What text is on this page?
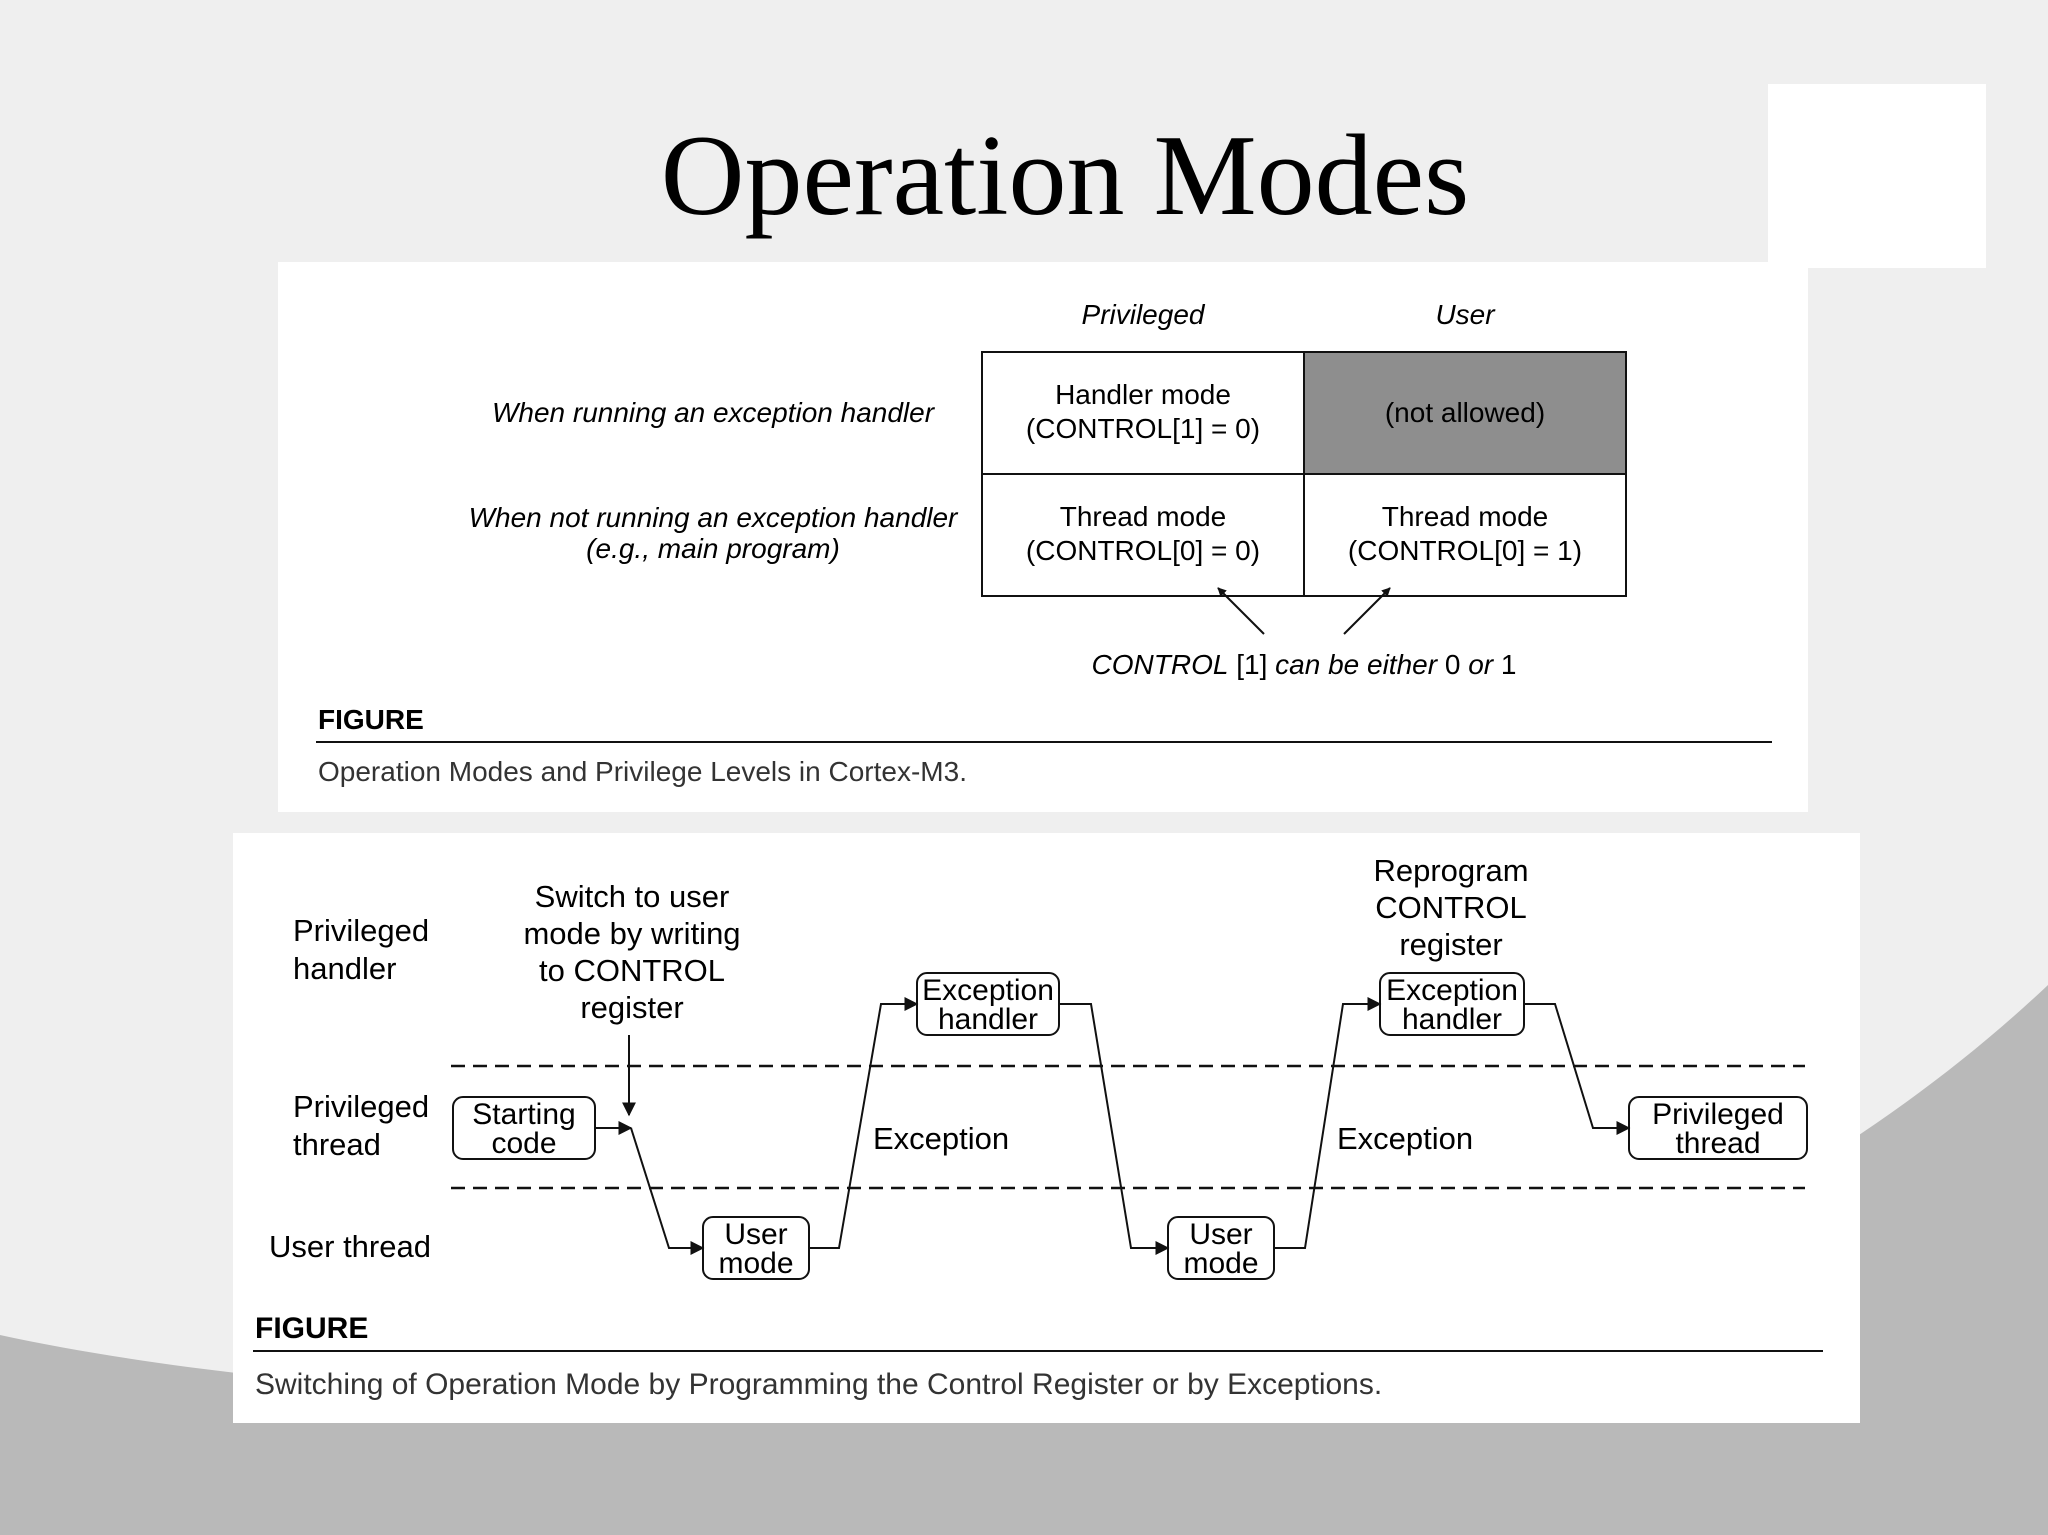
Operation Modes
Privileged	User
When running an exception handler
When not running an exception handler
(e.g., main program)
Handler mode
(CONTROL[1] = 0)
(not allowed)
Thread mode
(CONTROL[0] = 0)
Thread mode
(CONTROL[0] = 1)
CONTROL [1] can be either 0 or 1
FIGURE
Operation Modes and Privilege Levels in Cortex-M3.
Privileged
handler
Privileged
thread
User thread
Switch to user
mode by writing
to CONTROL
register
Reprogram
CONTROL
register
Starting
code
User
mode
Exception
handler
User
mode
Exception
handler
Privileged
thread
Exception	Exception
FIGURE
Switching of Operation Mode by Programming the Control Register or by Exceptions.
